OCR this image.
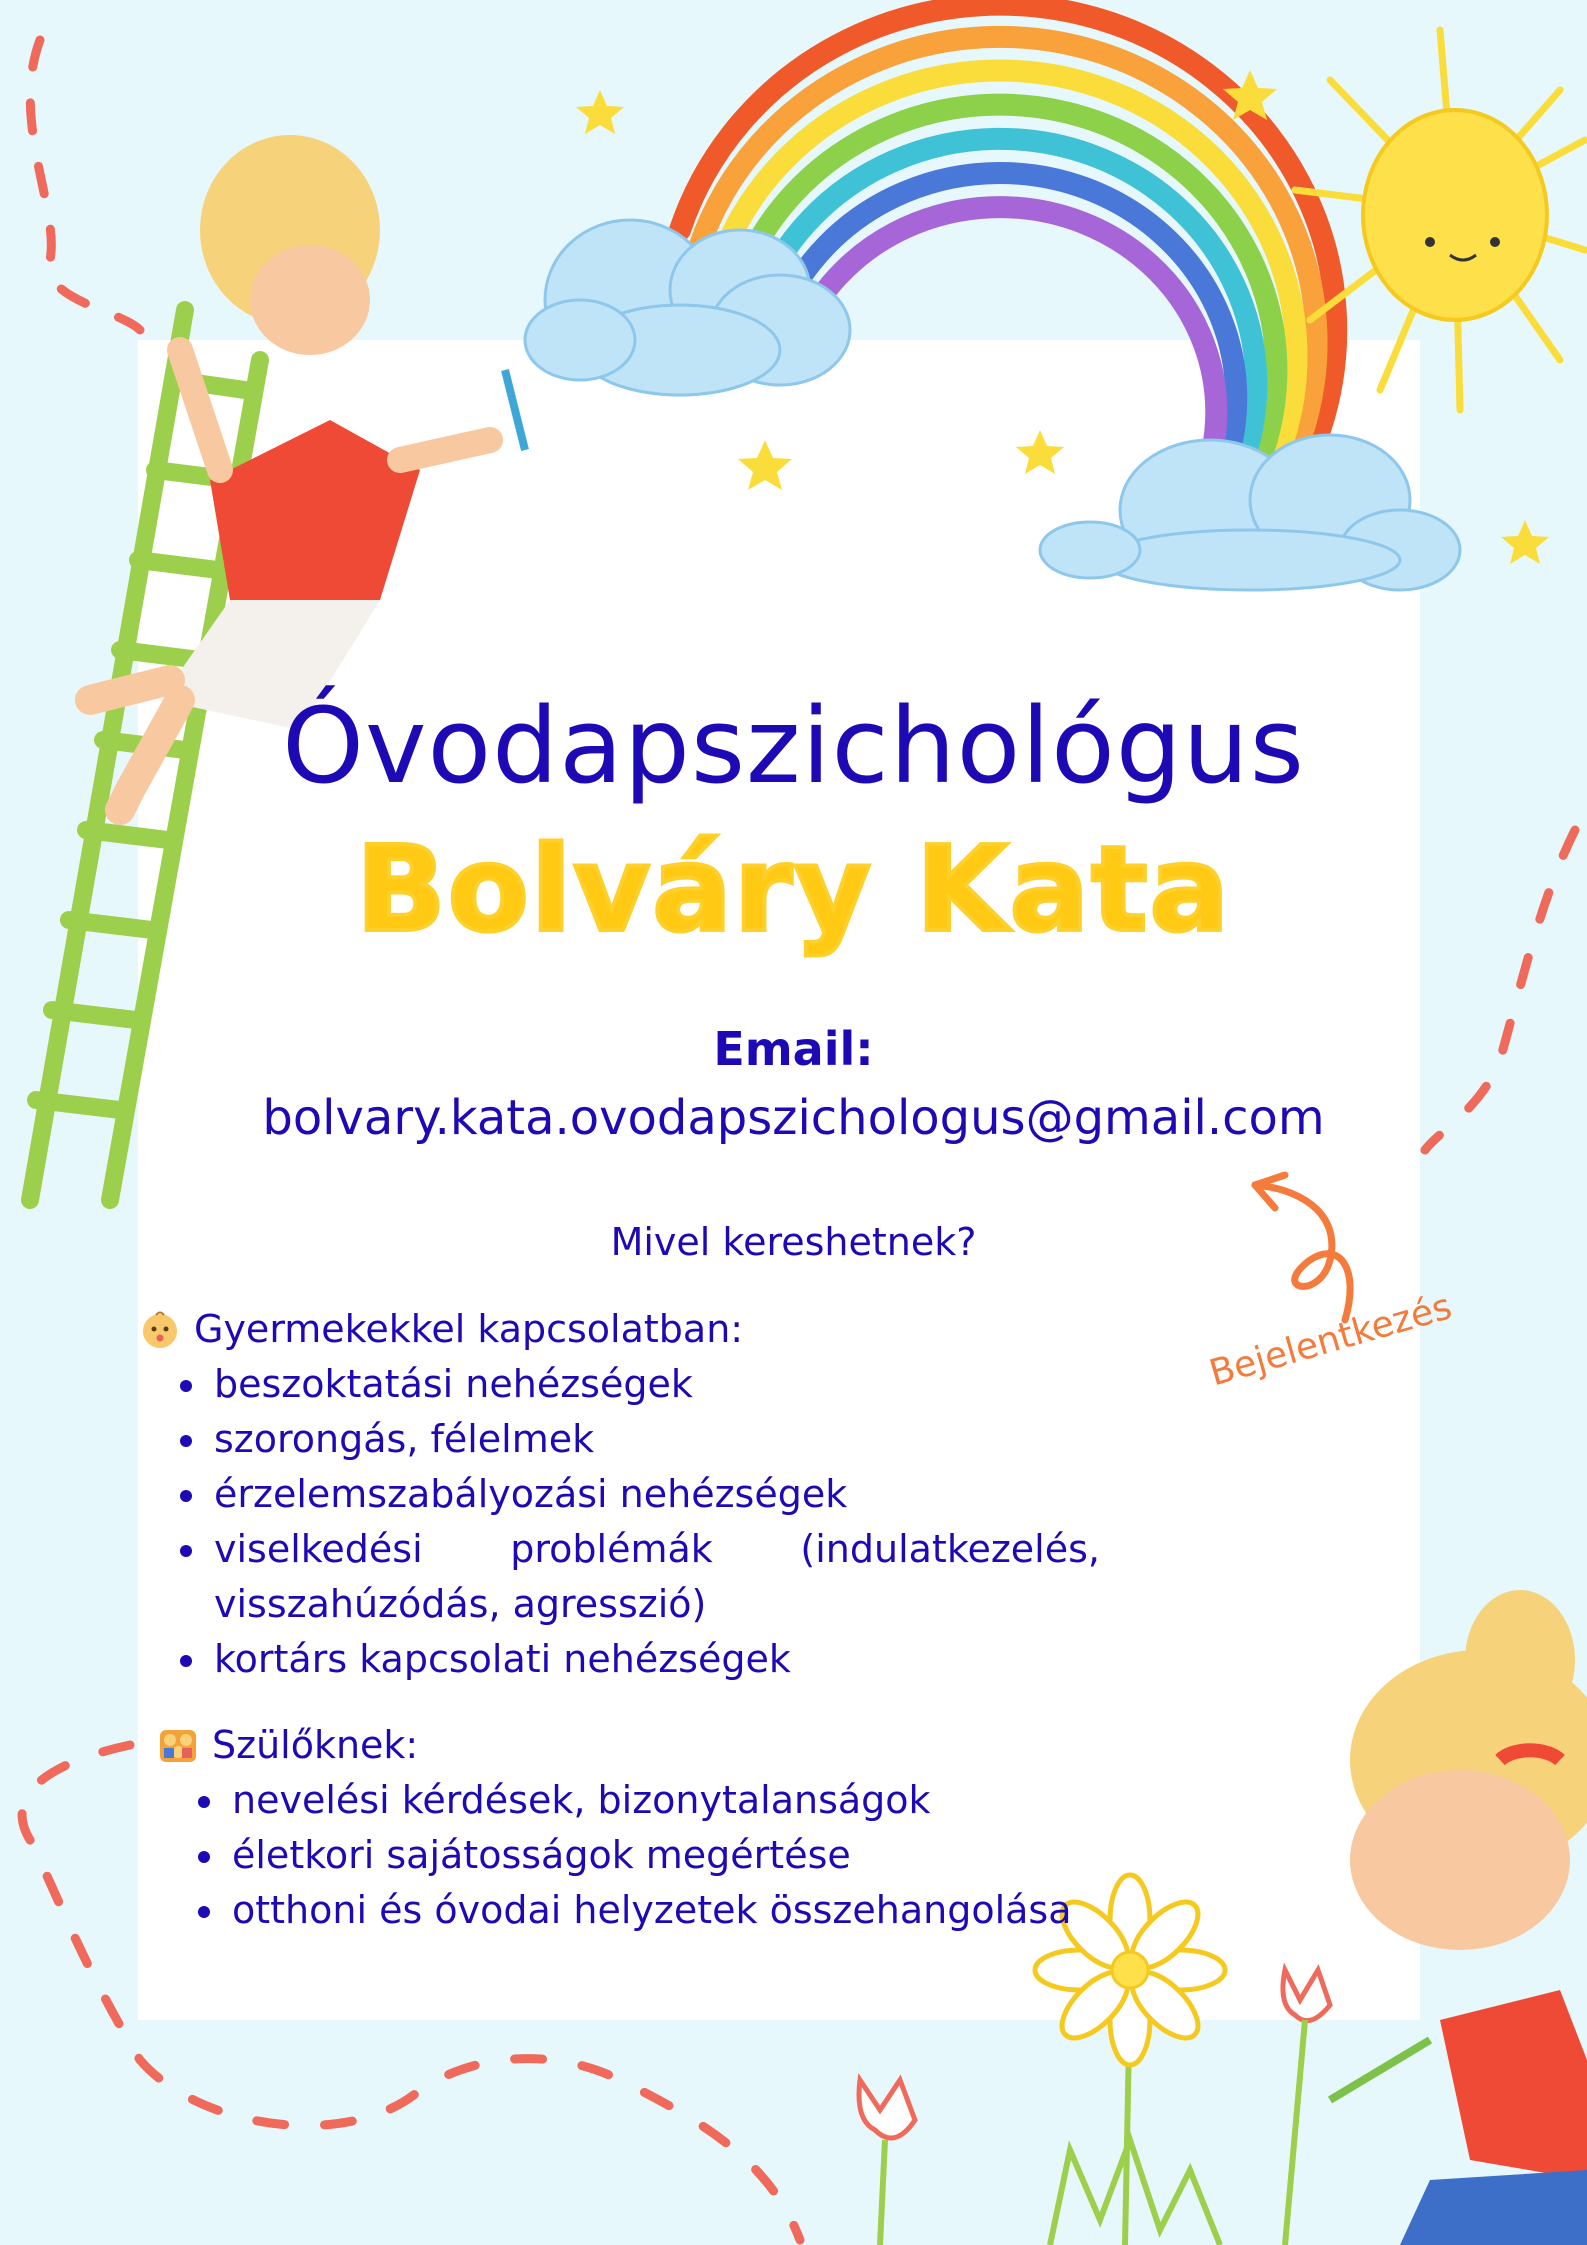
Óvodapszichológus
Bolváry Kata
Email:
bolvary.kata.ovodapszichologus@gmail.com
Mivel kereshetnek?
Gyermekekkel kapcsolatban:
• beszoktatási nehézségek
• szorongás, félelmek
• érzelemszabályozási nehézségek
• viselkedési problémák (indulatkezelés, visszahúzódás, agresszió)
• kortárs kapcsolati nehézségek
Szülőknek:
• nevelési kérdések, bizonytalanságok
• életkori sajátosságok megértése
• otthoni és óvodai helyzetek összehangolása
Bejelentkezés
